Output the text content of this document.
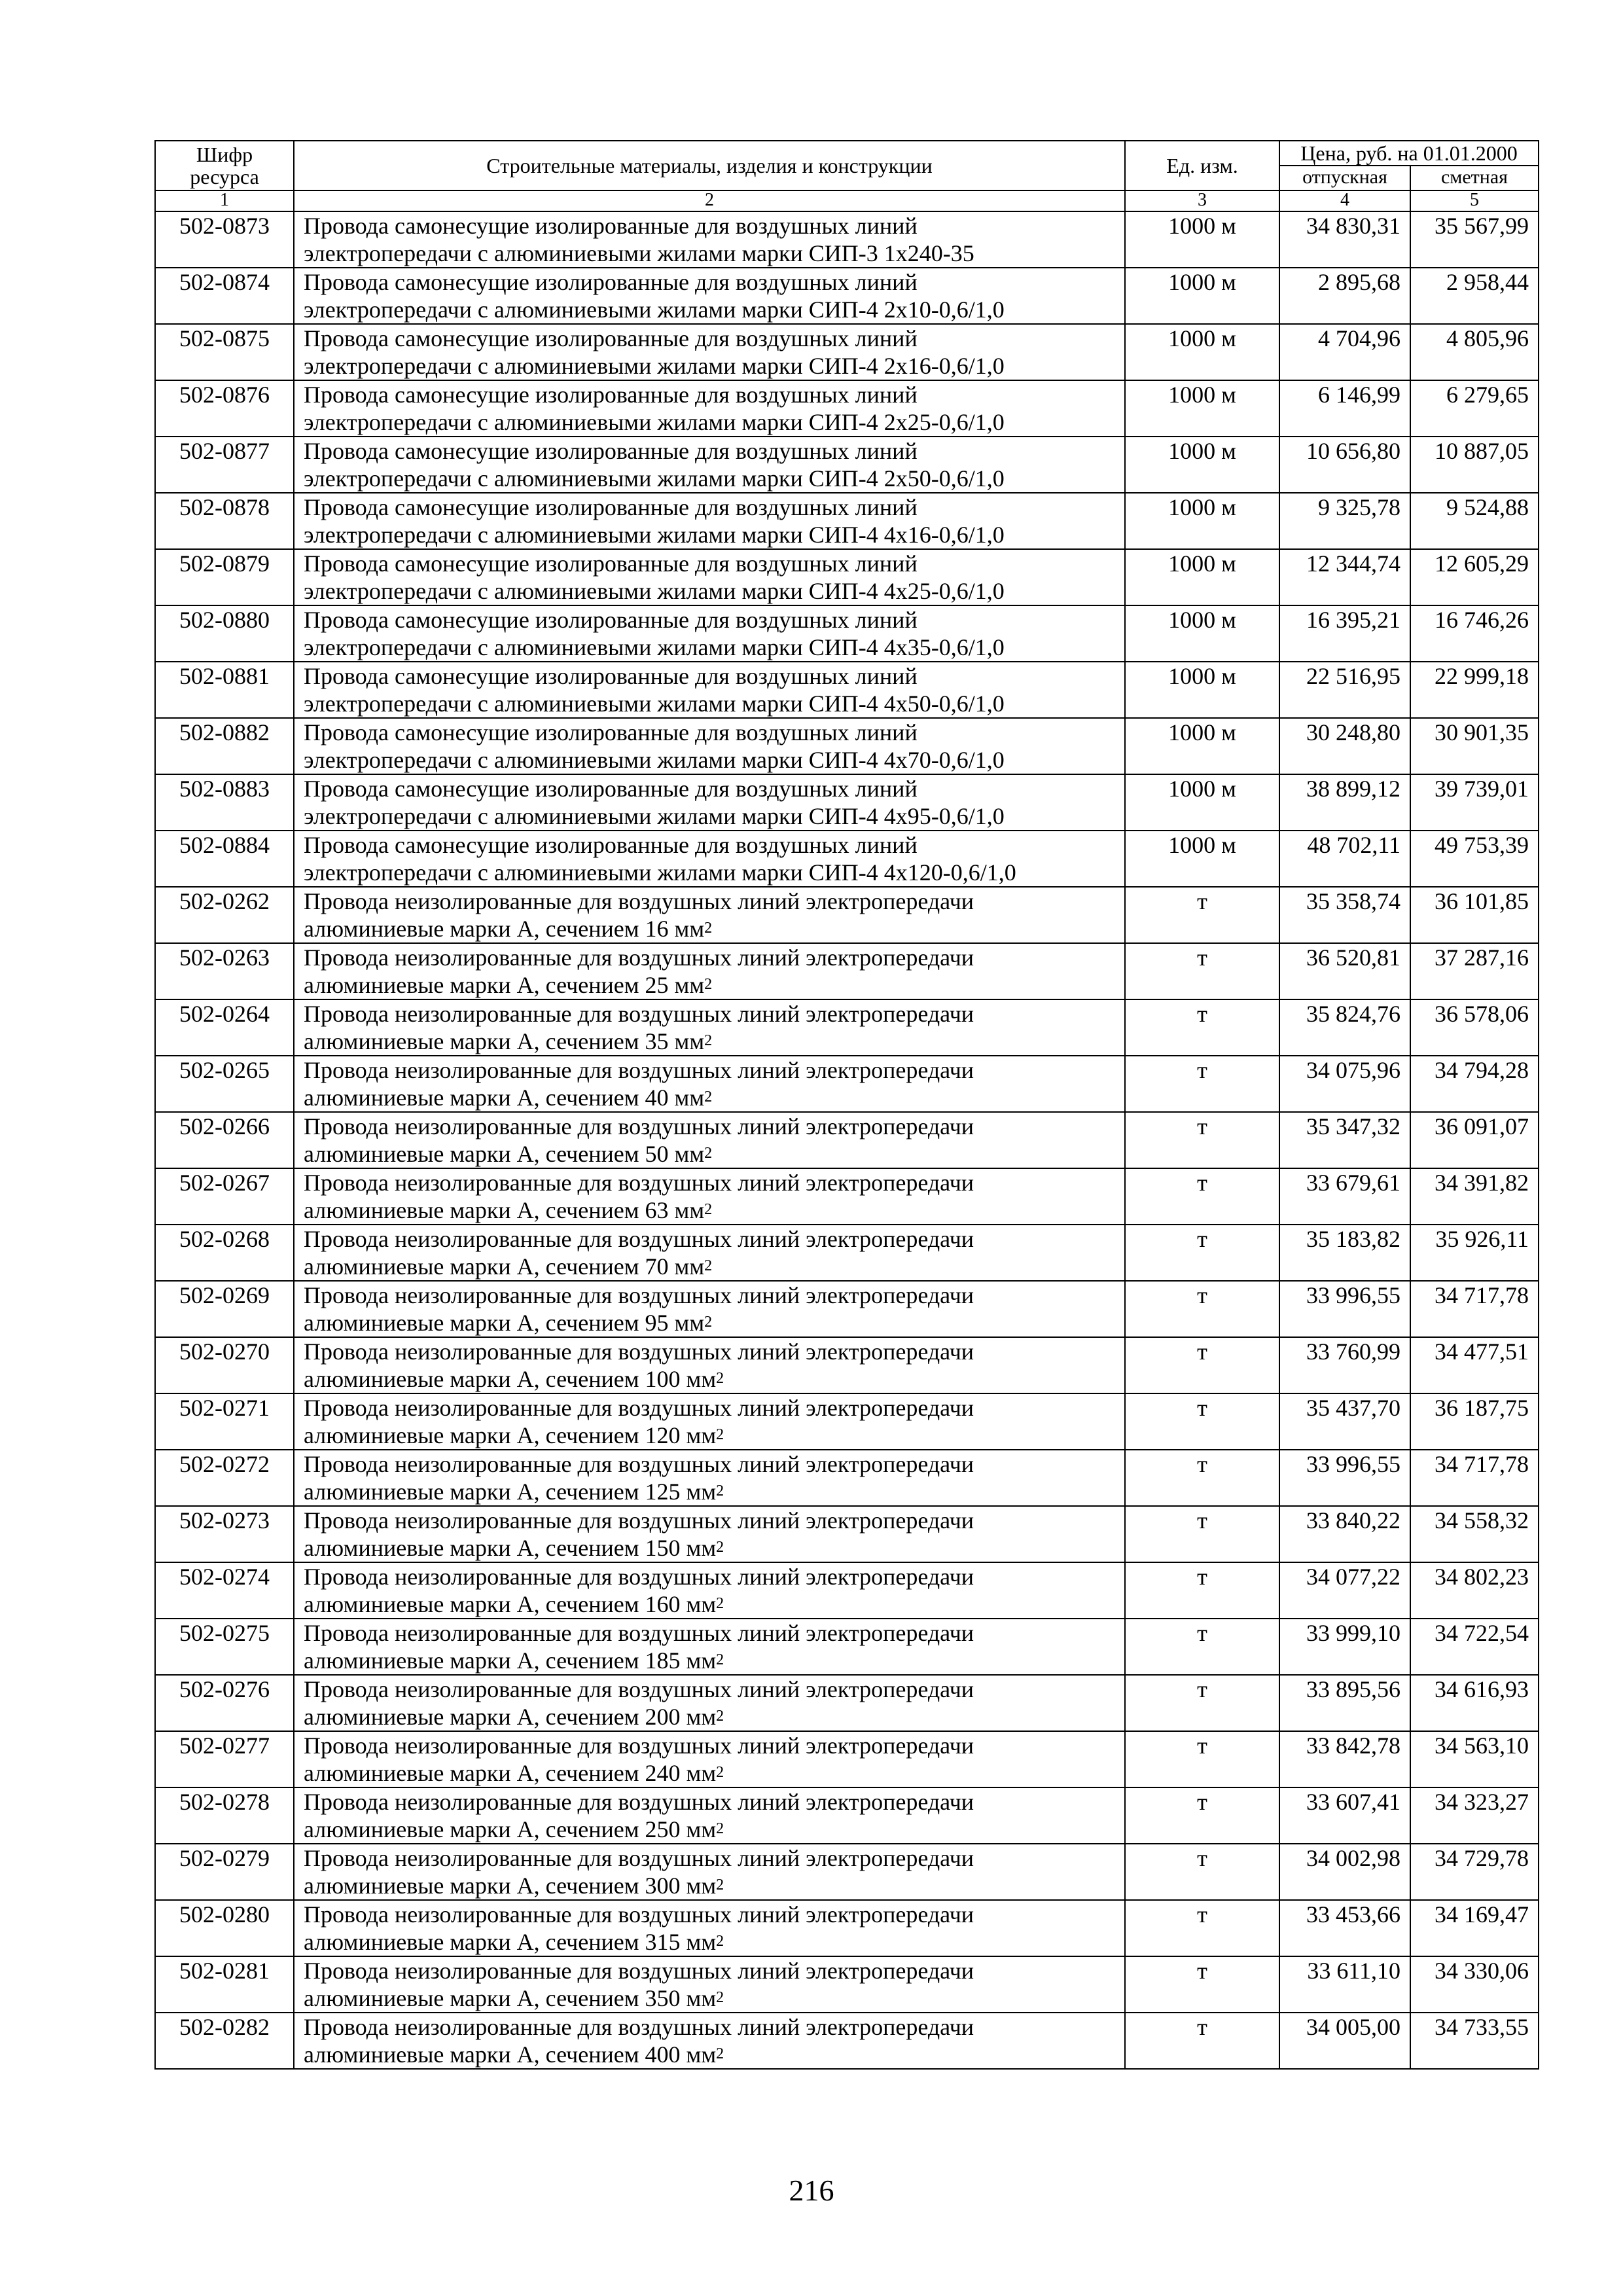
Шифр ресурса	Строительные материалы, изделия и конструкции	Ед. изм.	Цена, руб. на 01.01.2000	
			отпускная	сметная
1	2	3	4	5
502-0873	Провода самонесущие изолированные для воздушных линий
электропередачи с алюминиевыми жилами марки СИП-3 1х240-35	1000 м	34 830,31	35 567,99
502-0874	Провода самонесущие изолированные для воздушных линий
электропередачи с алюминиевыми жилами марки СИП-4 2х10-0,6/1,0	1000 м	2 895,68	2 958,44
502-0875	Провода самонесущие изолированные для воздушных линий
электропередачи с алюминиевыми жилами марки СИП-4 2х16-0,6/1,0	1000 м	4 704,96	4 805,96
502-0876	Провода самонесущие изолированные для воздушных линий
электропередачи с алюминиевыми жилами марки СИП-4 2х25-0,6/1,0	1000 м	6 146,99	6 279,65
502-0877	Провода самонесущие изолированные для воздушных линий
электропередачи с алюминиевыми жилами марки СИП-4 2х50-0,6/1,0	1000 м	10 656,80	10 887,05
502-0878	Провода самонесущие изолированные для воздушных линий
электропередачи с алюминиевыми жилами марки СИП-4 4х16-0,6/1,0	1000 м	9 325,78	9 524,88
502-0879	Провода самонесущие изолированные для воздушных линий
электропередачи с алюминиевыми жилами марки СИП-4 4х25-0,6/1,0	1000 м	12 344,74	12 605,29
502-0880	Провода самонесущие изолированные для воздушных линий
электропередачи с алюминиевыми жилами марки СИП-4 4х35-0,6/1,0	1000 м	16 395,21	16 746,26
502-0881	Провода самонесущие изолированные для воздушных линий
электропередачи с алюминиевыми жилами марки СИП-4 4х50-0,6/1,0	1000 м	22 516,95	22 999,18
502-0882	Провода самонесущие изолированные для воздушных линий
электропередачи с алюминиевыми жилами марки СИП-4 4х70-0,6/1,0	1000 м	30 248,80	30 901,35
502-0883	Провода самонесущие изолированные для воздушных линий
электропередачи с алюминиевыми жилами марки СИП-4 4х95-0,6/1,0	1000 м	38 899,12	39 739,01
502-0884	Провода самонесущие изолированные для воздушных линий
электропередачи с алюминиевыми жилами марки СИП-4 4х120-0,6/1,0	1000 м	48 702,11	49 753,39
502-0262	Провода неизолированные для воздушных линий электропередачи
алюминиевые марки А, сечением 16 $мм^2$	т	35 358,74	36 101,85
502-0263	Провода неизолированные для воздушных линий электропередачи
алюминиевые марки А, сечением 25 $мм^2$	т	36 520,81	37 287,16
502-0264	Провода неизолированные для воздушных линий электропередачи
алюминиевые марки А, сечением 35 $мм^2$	т	35 824,76	36 578,06
502-0265	Провода неизолированные для воздушных линий электропередачи
алюминиевые марки А, сечением 40 $мм^2$	т	34 075,96	34 794,28
502-0266	Провода неизолированные для воздушных линий электропередачи
алюминиевые марки А, сечением 50 $мм^2$	т	35 347,32	36 091,07
502-0267	Провода неизолированные для воздушных линий электропередачи
алюминиевые марки А, сечением 63 $мм^2$	т	33 679,61	34 391,82
502-0268	Провода неизолированные для воздушных линий электропередачи
алюминиевые марки А, сечением 70 $мм^2$	т	35 183,82	35 926,11
502-0269	Провода неизолированные для воздушных линий электропередачи
алюминиевые марки А, сечением 95 $мм^2$	т	33 996,55	34 717,78
502-0270	Провода неизолированные для воздушных линий электропередачи
алюминиевые марки А, сечением 100 $мм^2$	т	33 760,99	34 477,51
502-0271	Провода неизолированные для воздушных линий электропередачи
алюминиевые марки А, сечением 120 $мм^2$	т	35 437,70	36 187,75
502-0272	Провода неизолированные для воздушных линий электропередачи
алюминиевые марки А, сечением 125 $мм^2$	т	33 996,55	34 717,78
502-0273	Провода неизолированные для воздушных линий электропередачи
алюминиевые марки А, сечением 150 $мм^2$	т	33 840,22	34 558,32
502-0274	Провода неизолированные для воздушных линий электропередачи
алюминиевые марки А, сечением 160 $мм^2$	т	34 077,22	34 802,23
502-0275	Провода неизолированные для воздушных линий электропередачи
алюминиевые марки А, сечением 185 $мм^2$	т	33 999,10	34 722,54
502-0276	Провода неизолированные для воздушных линий электропередачи
алюминиевые марки А, сечением 200 $мм^2$	т	33 895,56	34 616,93
502-0277	Провода неизолированные для воздушных линий электропередачи
алюминиевые марки А, сечением 240 $мм^2$	т	33 842,78	34 563,10
502-0278	Провода неизолированные для воздушных линий электропередачи
алюминиевые марки А, сечением 250 $мм^2$	т	33 607,41	34 323,27
502-0279	Провода неизолированные для воздушных линий электропередачи
алюминиевые марки А, сечением 300 $мм^2$	т	34 002,98	34 729,78
502-0280	Провода неизолированные для воздушных линий электропередачи
алюминиевые марки А, сечением 315 $мм^2$	т	33 453,66	34 169,47
502-0281	Провода неизолированные для воздушных линий электропередачи
алюминиевые марки А, сечением 350 $мм^2$	т	33 611,10	34 330,06
502-0282	Провода неизолированные для воздушных линий электропередачи
алюминиевые марки А, сечением 400 $мм^2$	т	34 005,00	34 733,55
216
